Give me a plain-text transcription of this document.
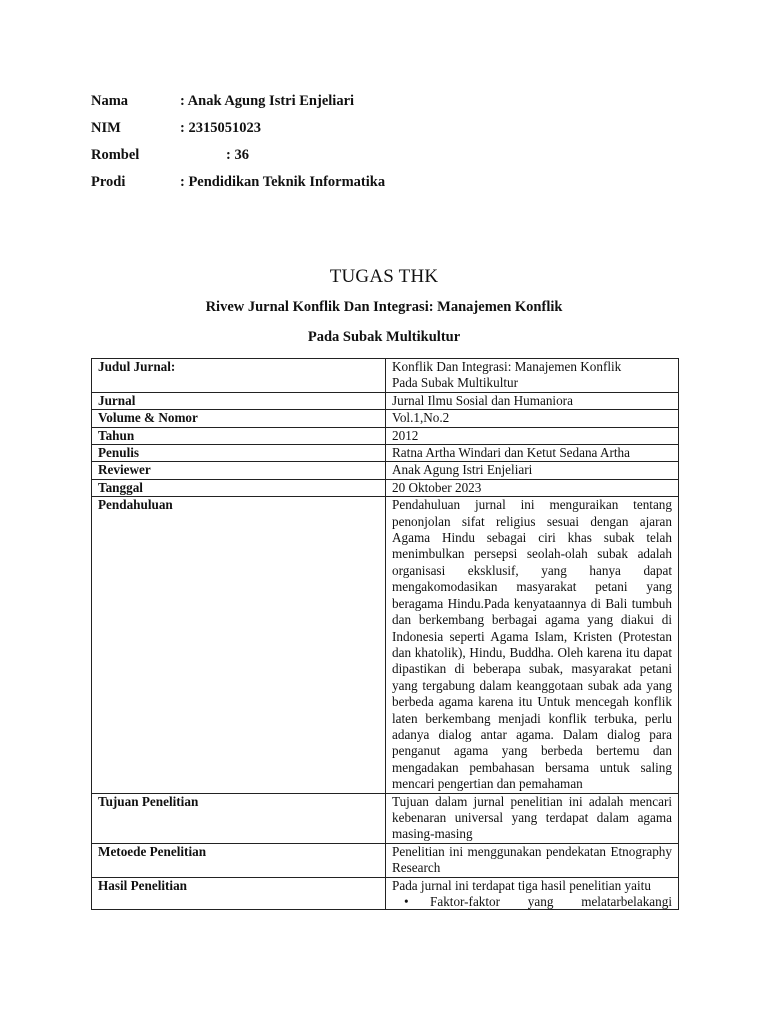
Nama	: Anak Agung Istri Enjeliari
NIM	: 2315051023
Rombel	: 36
Prodi	: Pendidikan Teknik Informatika
TUGAS THK
Rivew Jurnal Konflik Dan Integrasi: Manajemen Konflik
Pada Subak Multikultur
Judul Jurnal:	Konflik Dan Integrasi: Manajemen Konflik Pada Subak Multikultur
Jurnal	Jurnal Ilmu Sosial dan Humaniora
Volume & Nomor	Vol.1,No.2
Tahun	2012
Penulis	Ratna Artha Windari dan Ketut Sedana Artha
Reviewer	Anak Agung Istri Enjeliari
Tanggal	20 Oktober 2023
Pendahuluan	Pendahuluan jurnal ini menguraikan tentang penonjolan sifat religius sesuai dengan ajaran Agama Hindu sebagai ciri khas subak telah menimbulkan persepsi seolah-olah subak adalah organisasi eksklusif, yang hanya dapat mengakomodasikan masyarakat petani yang beragama Hindu.Pada kenyataannya di Bali tumbuh dan berkembang berbagai agama yang diakui di Indonesia seperti Agama Islam, Kristen (Protestan dan khatolik), Hindu, Buddha. Oleh karena itu dapat dipastikan di beberapa subak, masyarakat petani yang tergabung dalam keanggotaan subak ada yang berbeda agama karena itu Untuk mencegah konflik laten berkembang menjadi konflik terbuka, perlu adanya dialog antar agama. Dalam dialog para penganut agama yang berbeda bertemu dan mengadakan pembahasan bersama untuk saling mencari pengertian dan pemahaman
Tujuan Penelitian	Tujuan dalam jurnal penelitian ini adalah mencari kebenaran universal yang terdapat dalam agama masing-masing
Metoede Penelitian	Penelitian ini menggunakan pendekatan Etnography Research
Hasil Penelitian	Pada jurnal ini terdapat tiga hasil penelitian yaitu
• Faktor-faktor yang melatarbelakangi
